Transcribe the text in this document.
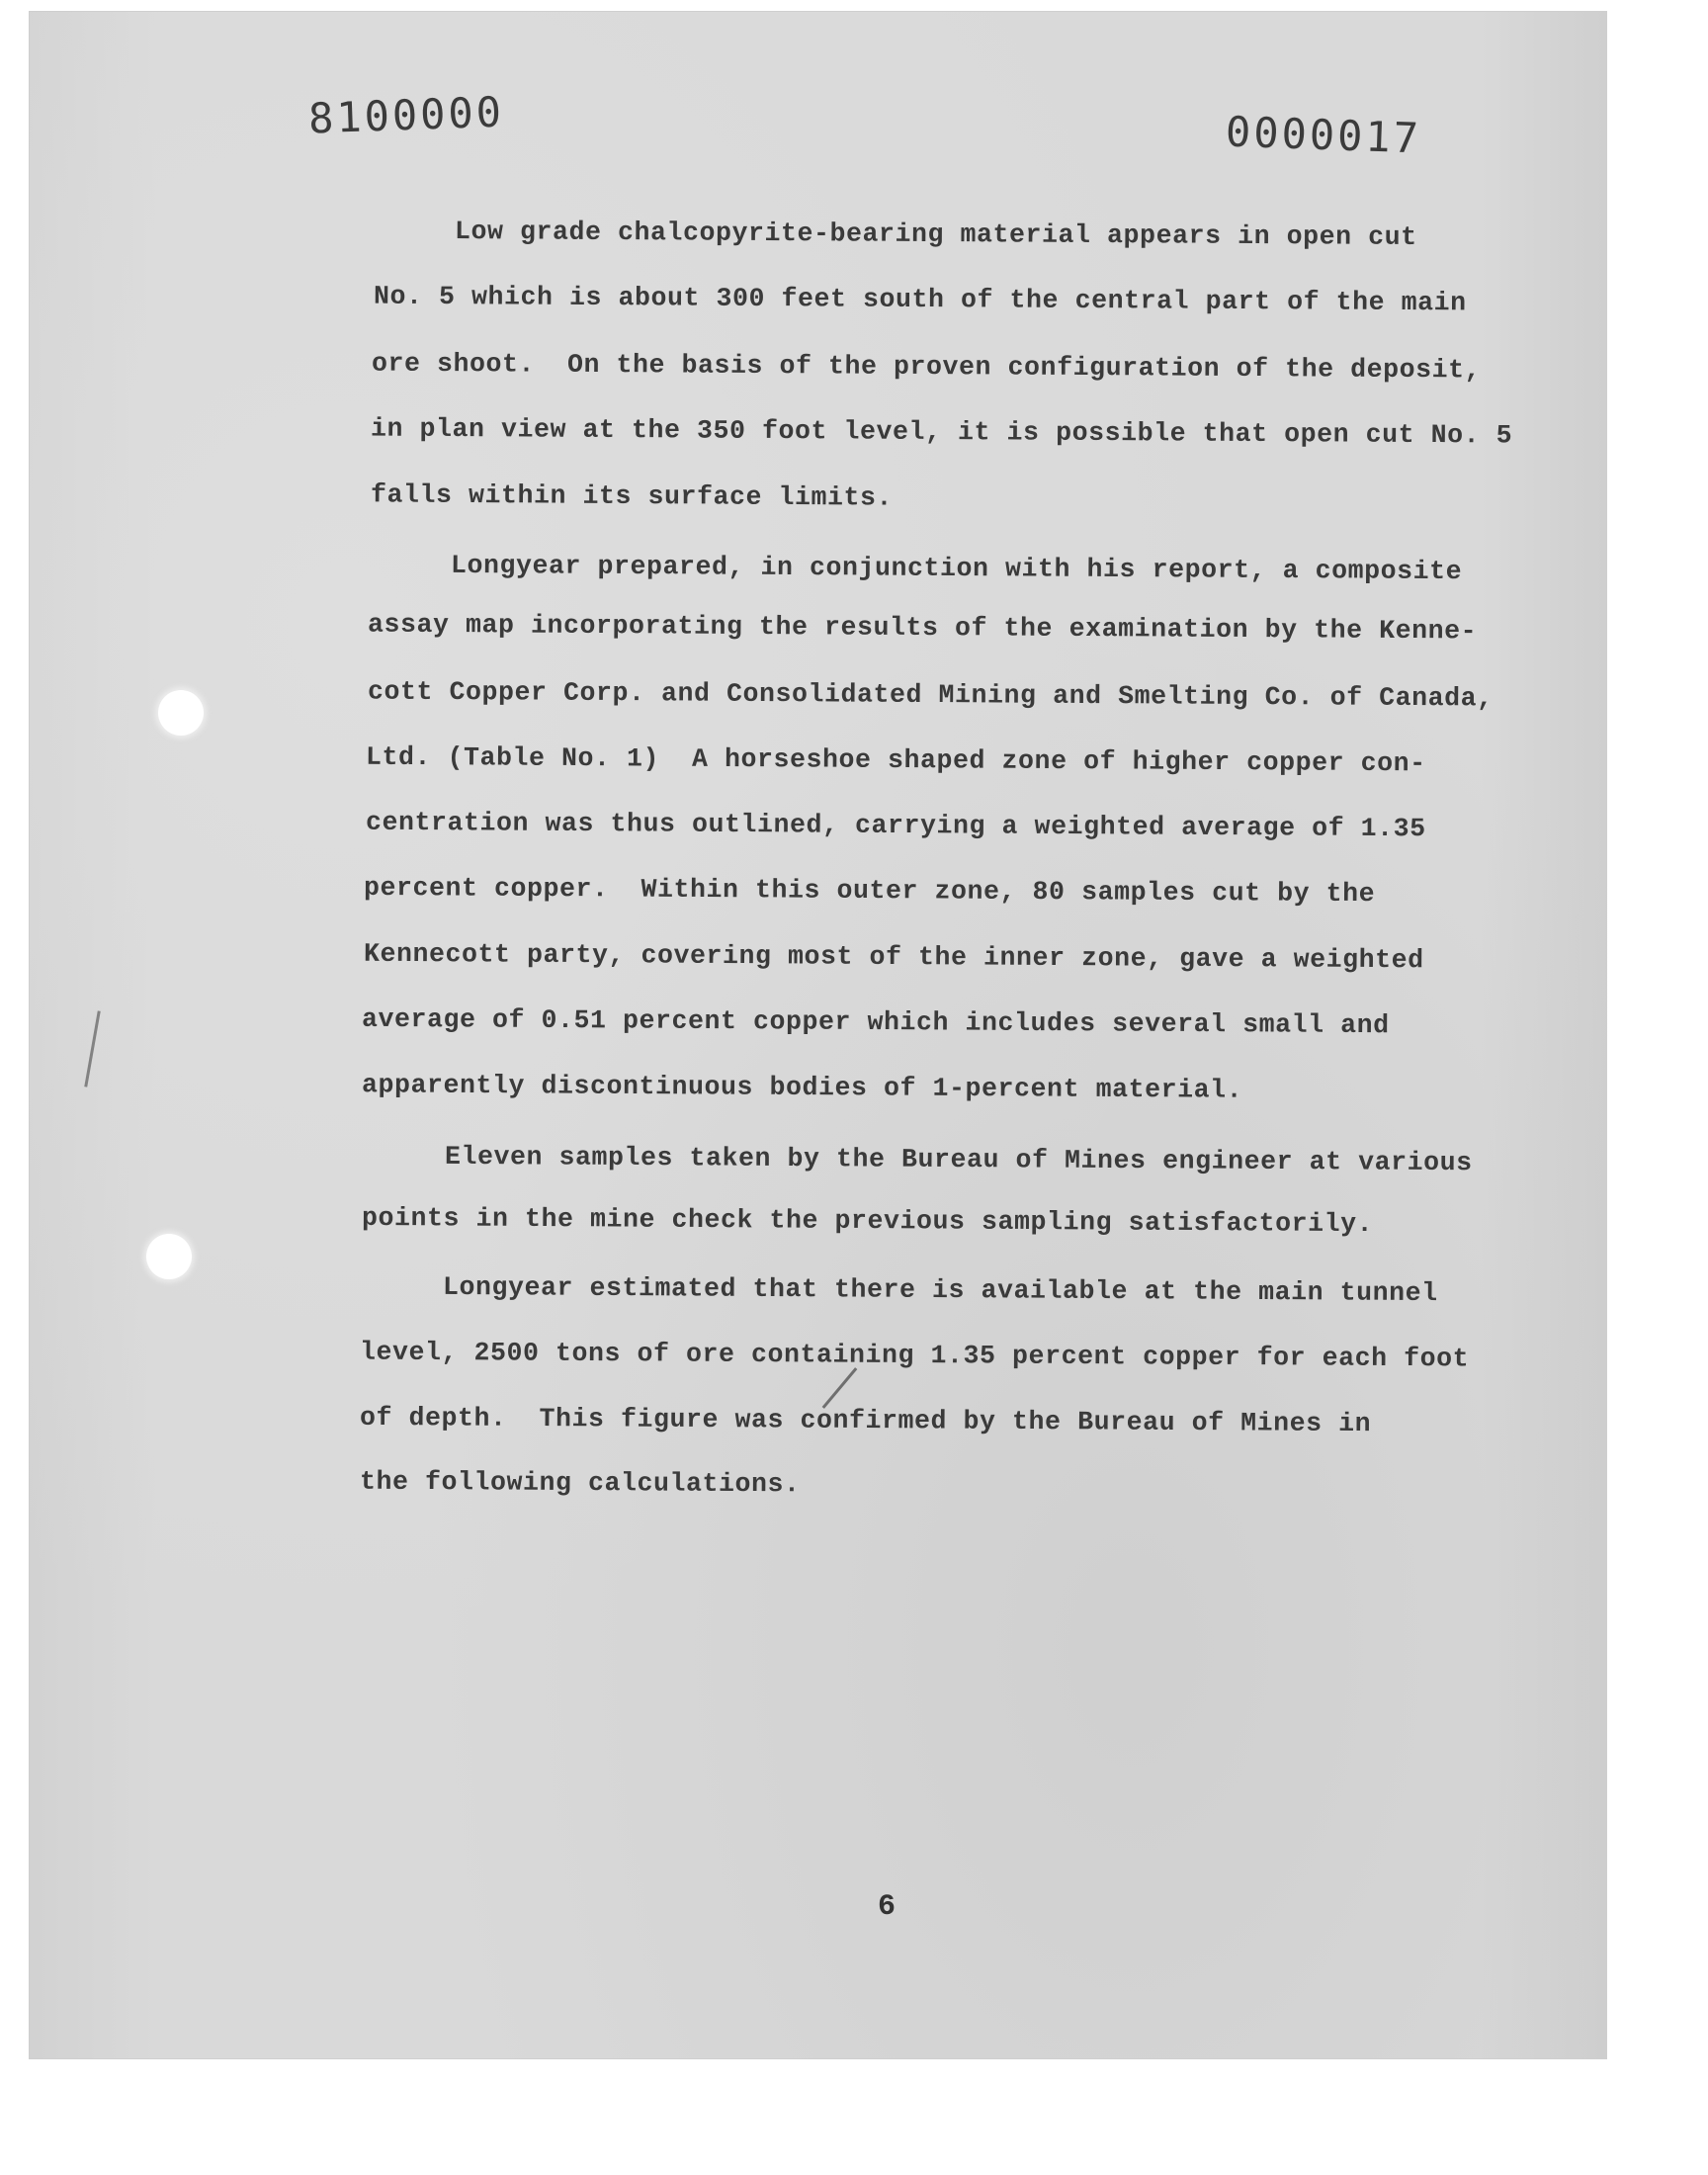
8100000	0000017
Low grade chalcopyrite-bearing material appears in open cut
No. 5 which is about 300 feet south of the central part of the main
ore shoot.  On the basis of the proven configuration of the deposit,
in plan view at the 350 foot level, it is possible that open cut No. 5
falls within its surface limits.
Longyear prepared, in conjunction with his report, a composite
assay map incorporating the results of the examination by the Kenne-
cott Copper Corp. and Consolidated Mining and Smelting Co. of Canada,
Ltd. (Table No. 1)  A horseshoe shaped zone of higher copper con-
centration was thus outlined, carrying a weighted average of 1.35
percent copper.  Within this outer zone, 80 samples cut by the
Kennecott party, covering most of the inner zone, gave a weighted
average of 0.51 percent copper which includes several small and
apparently discontinuous bodies of 1-percent material.
Eleven samples taken by the Bureau of Mines engineer at various
points in the mine check the previous sampling satisfactorily.
Longyear estimated that there is available at the main tunnel
level, 2500 tons of ore containing 1.35 percent copper for each foot
of depth.  This figure was confirmed by the Bureau of Mines in
the following calculations.
6
